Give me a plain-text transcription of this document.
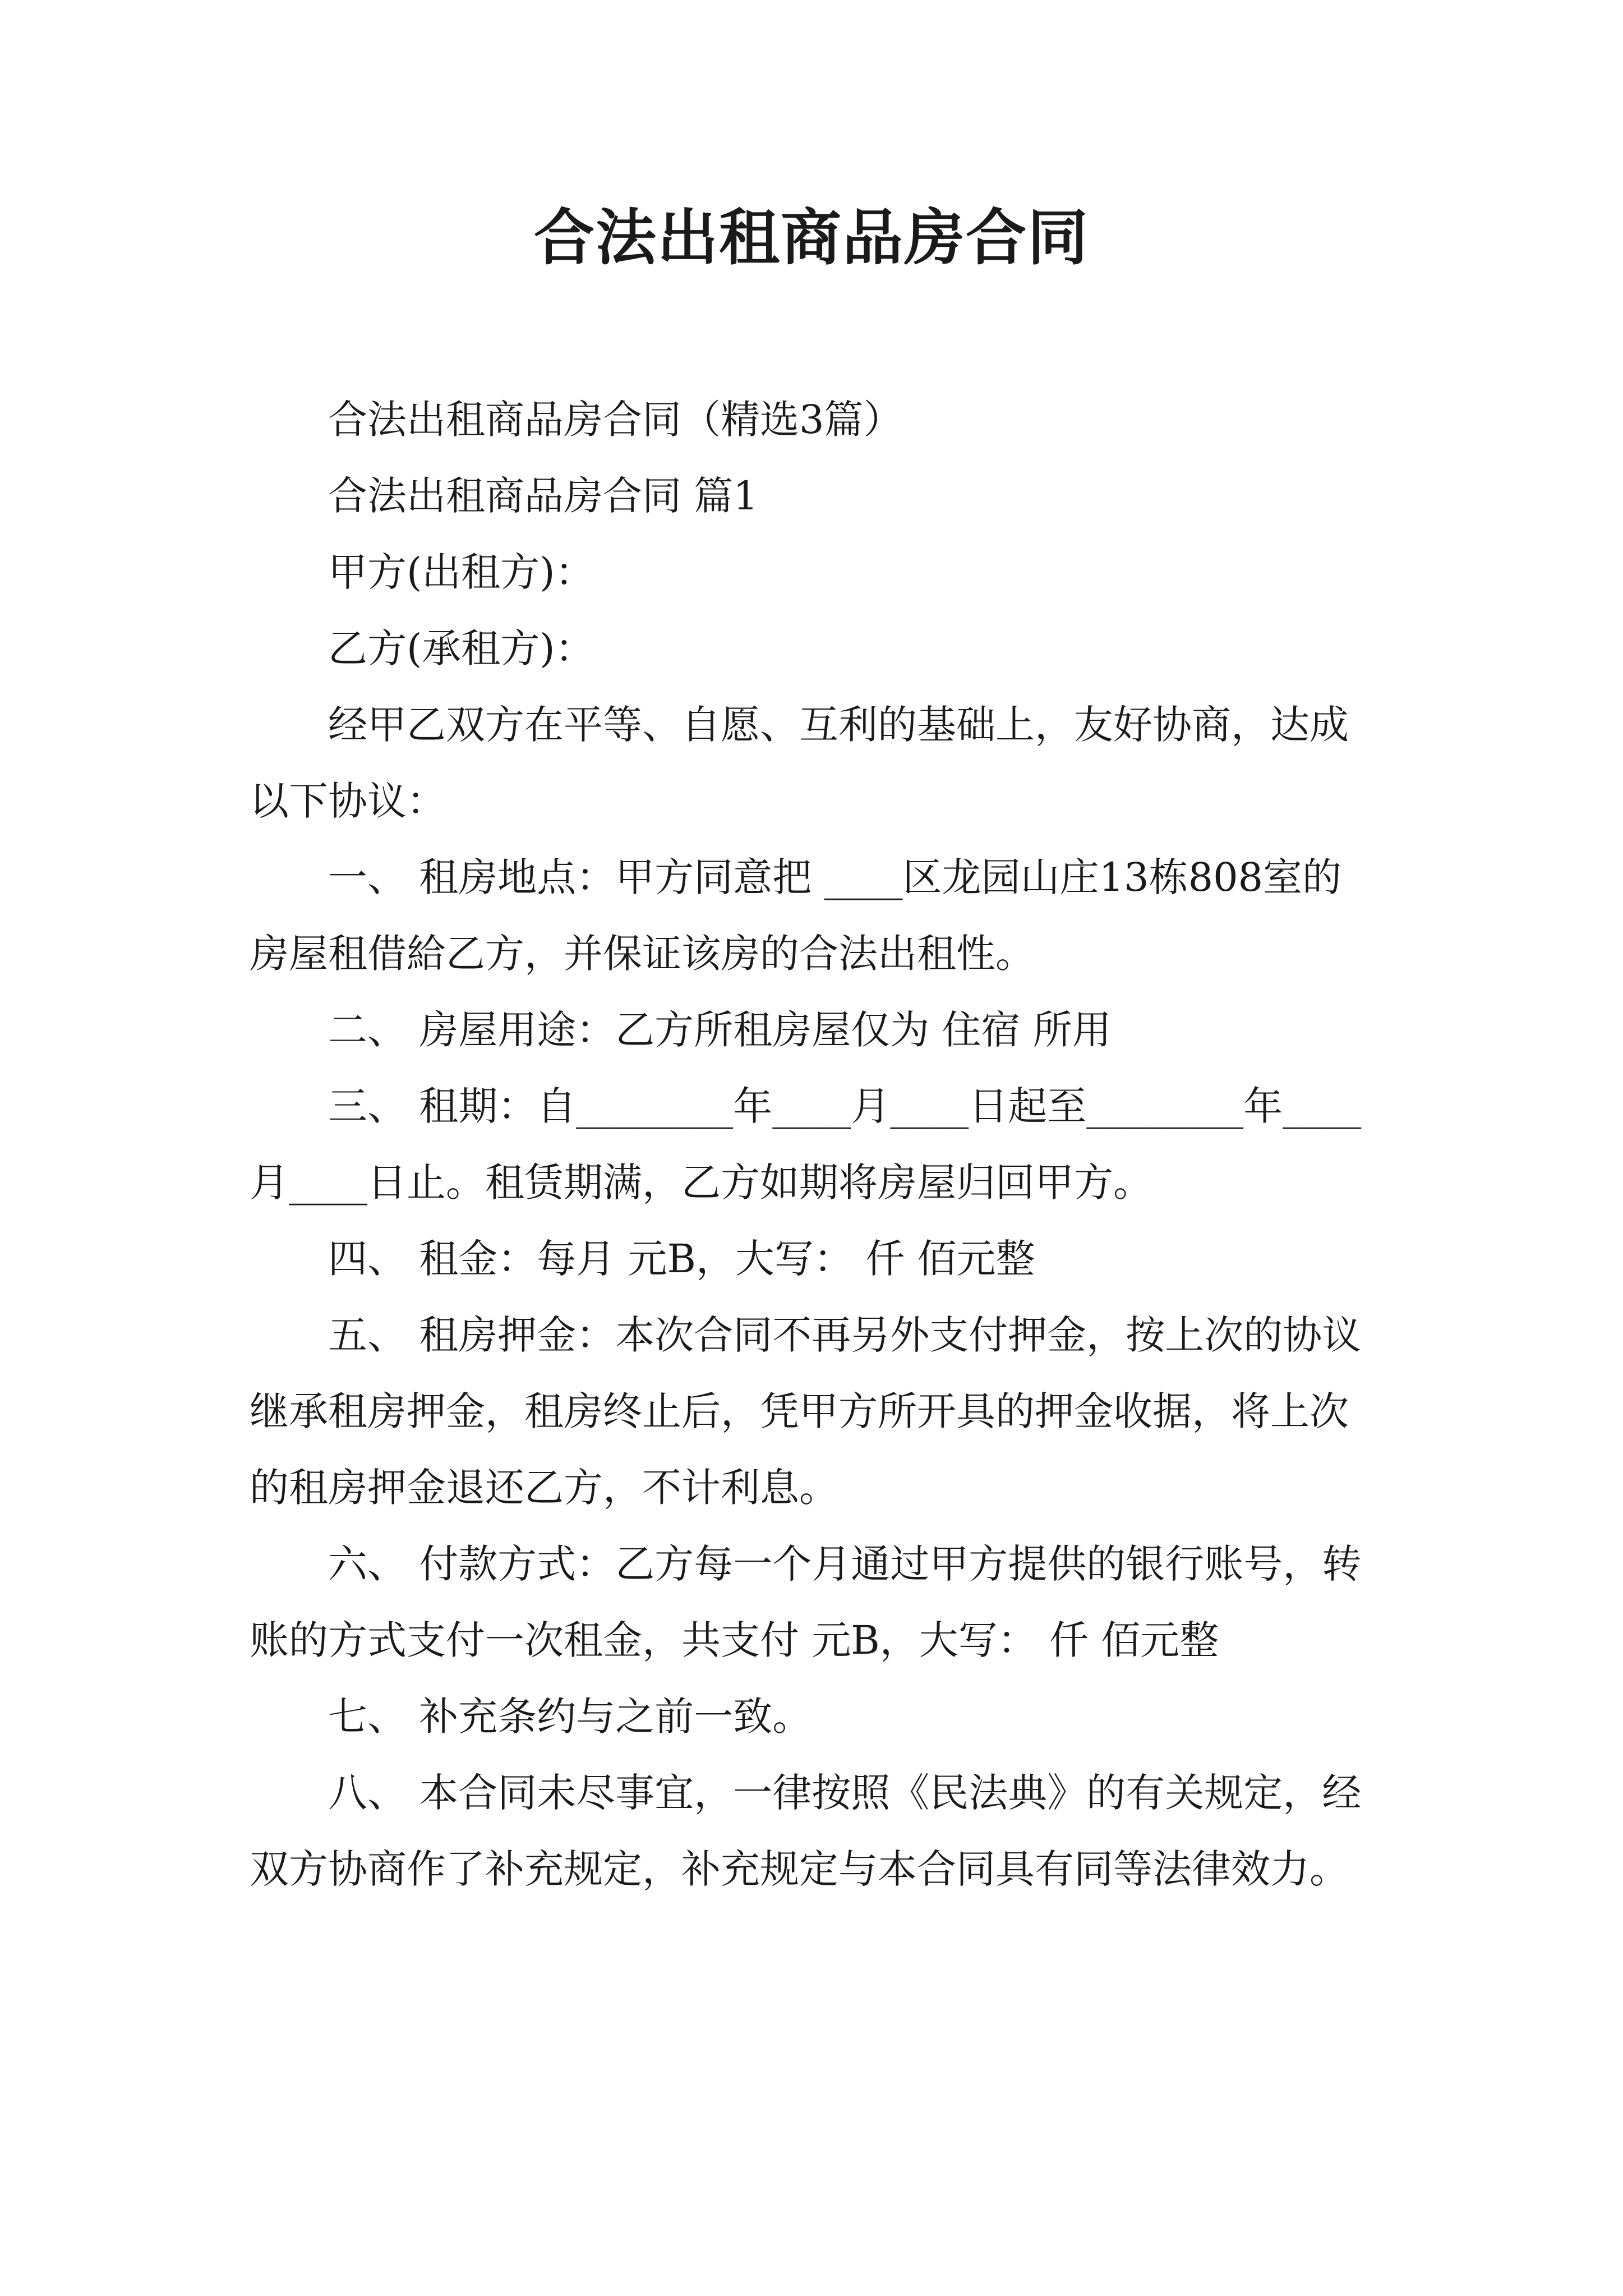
合法出租商品房合同

合法出租商品房合同（精选3篇）

合法出租商品房合同 篇1

甲方(出租方)：

乙方(承租方)：

经甲乙双方在平等、自愿、互利的基础上，友好协商，达成以下协议：

一、 租房地点：甲方同意把 ____区龙园山庄13栋808室的房屋租借給乙方，并保证该房的合法出租性。

二、 房屋用途：乙方所租房屋仅为 住宿 所用

三、 租期：自________年____月____日起至________年____月____日止。租赁期满，乙方如期将房屋归回甲方。

四、 租金：每月 元B，大写： 仟 佰元整

五、 租房押金：本次合同不再另外支付押金，按上次的协议继承租房押金，租房终止后，凭甲方所开具的押金收据，将上次的租房押金退还乙方，不计利息。

六、 付款方式：乙方每一个月通过甲方提供的银行账号，转账的方式支付一次租金，共支付 元B，大写： 仟 佰元整

七、 补充条约与之前一致。

八、 本合同未尽事宜，一律按照《民法典》的有关规定，经双方协商作了补充规定，补充规定与本合同具有同等法律效力。
